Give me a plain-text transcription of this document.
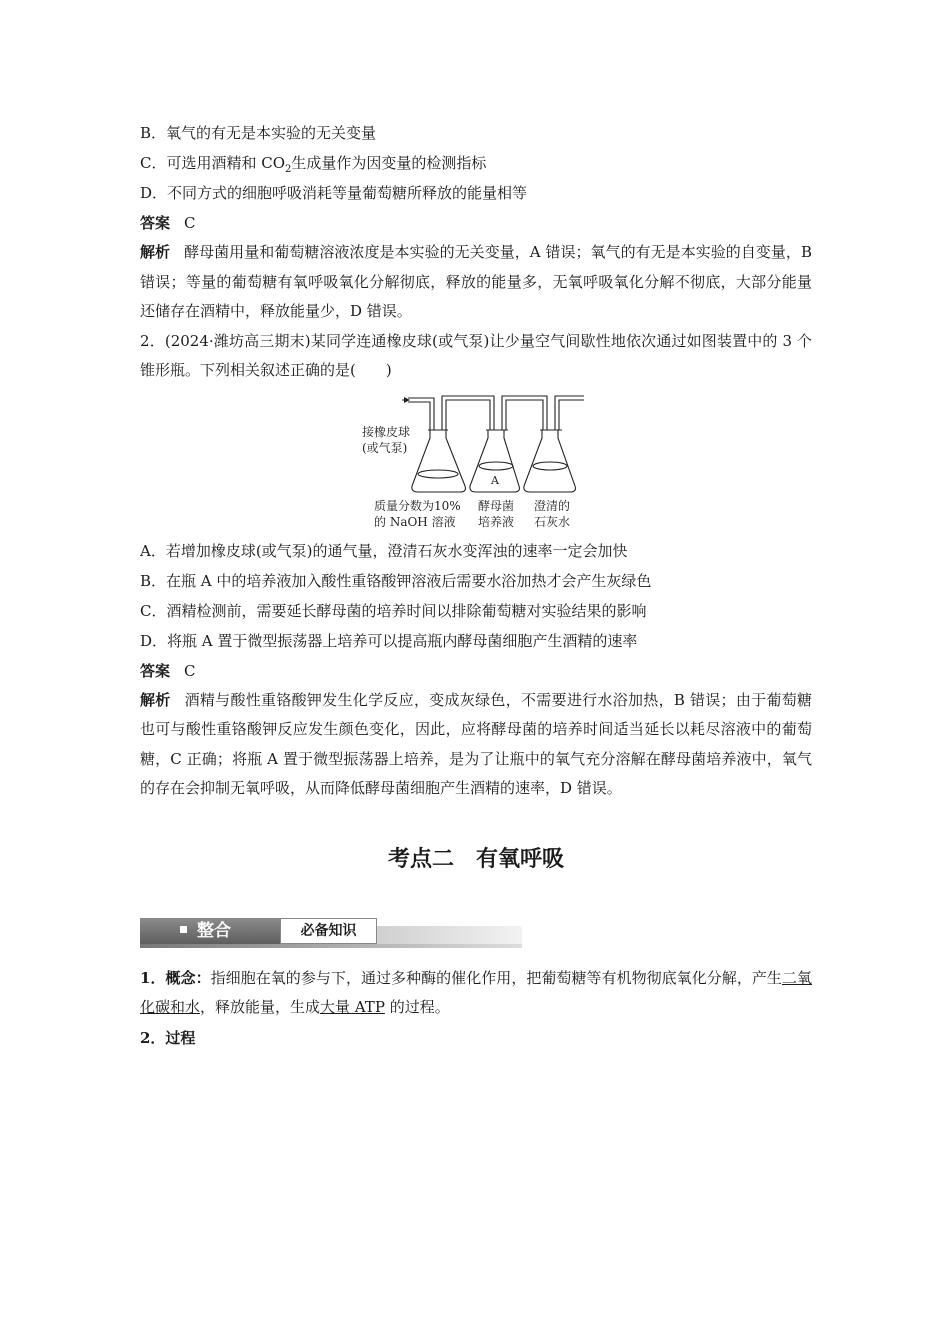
B．氧气的有无是本实验的无关变量
C．可选用酒精和 $CO_2$生成量作为因变量的检测指标
D．不同方式的细胞呼吸消耗等量葡萄糖所释放的能量相等
答案 C
解析 酵母菌用量和葡萄糖溶液浓度是本实验的无关变量，A 错误；氧气的有无是本实验的自变量，B 错误；等量的葡萄糖有氧呼吸氧化分解彻底，释放的能量多，无氧呼吸氧化分解不彻底，大部分能量还储存在酒精中，释放能量少，D 错误。
2．(2024·潍坊高三期末)某同学连通橡皮球(或气泵)让少量空气间歇性地依次通过如图装置中的 3 个锥形瓶。下列相关叙述正确的是(　　)
接橡皮球
(或气泵)
A
质量分数为10%
的 NaOH 溶液
酵母菌
培养液
澄清的
石灰水
A．若增加橡皮球(或气泵)的通气量，澄清石灰水变浑浊的速率一定会加快
B．在瓶 A 中的培养液加入酸性重铬酸钾溶液后需要水浴加热才会产生灰绿色
C．酒精检测前，需要延长酵母菌的培养时间以排除葡萄糖对实验结果的影响
D．将瓶 A 置于微型振荡器上培养可以提高瓶内酵母菌细胞产生酒精的速率
答案 C
解析 酒精与酸性重铬酸钾发生化学反应，变成灰绿色，不需要进行水浴加热，B 错误；由于葡萄糖也可与酸性重铬酸钾反应发生颜色变化，因此，应将酵母菌的培养时间适当延长以耗尽溶液中的葡萄糖，C 正确；将瓶 A 置于微型振荡器上培养，是为了让瓶中的氧气充分溶解在酵母菌培养液中，氧气的存在会抑制无氧呼吸，从而降低酵母菌细胞产生酒精的速率，D 错误。
考点二　有氧呼吸
整合	必备知识
1．概念：指细胞在氧的参与下，通过多种酶的催化作用，把葡萄糖等有机物彻底氧化分解，产生二氧化碳和水，释放能量，生成大量 ATP 的过程。
2．过程
